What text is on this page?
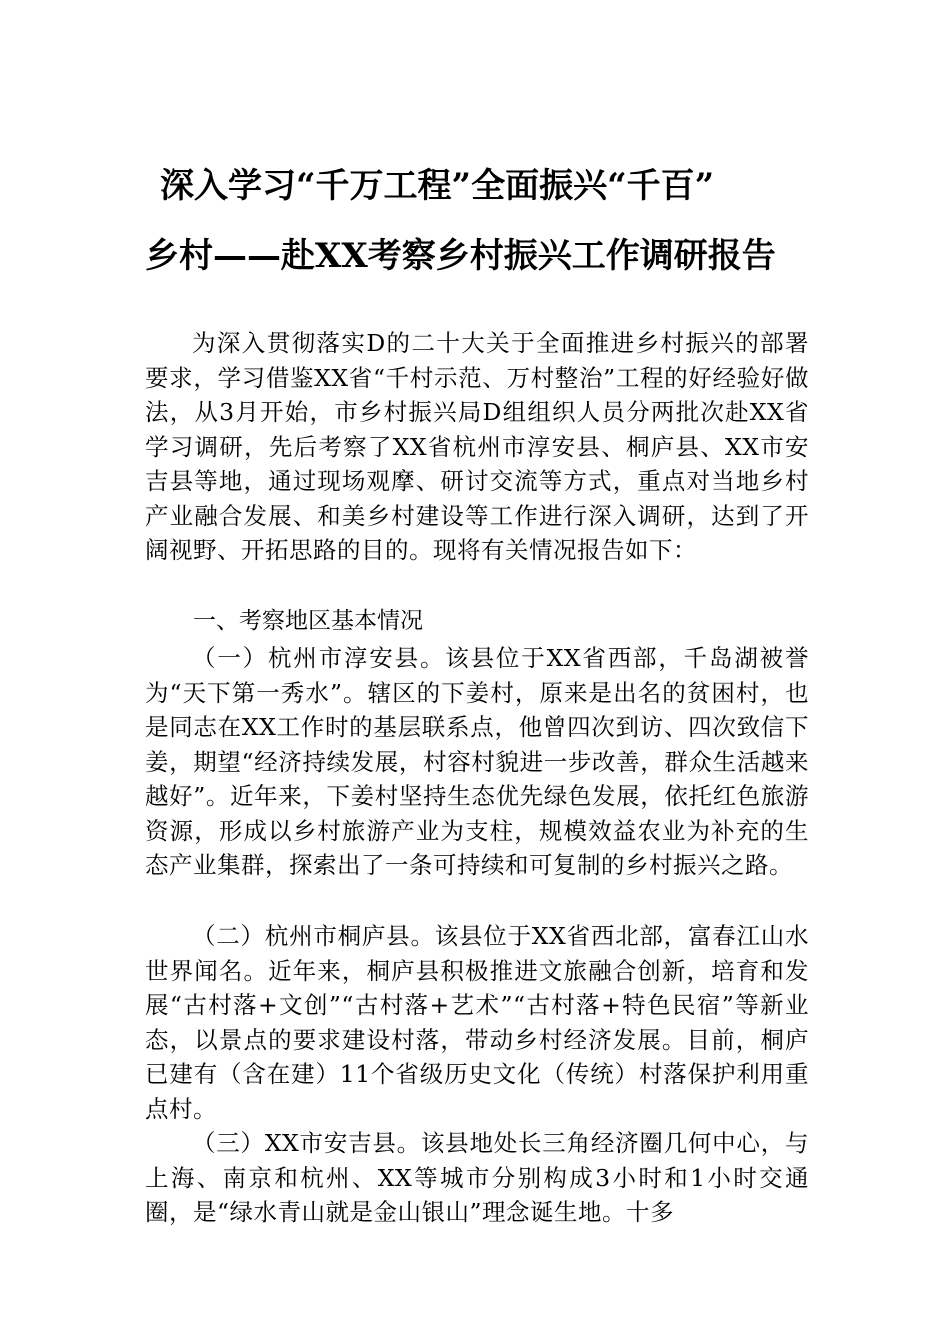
深入学习“千万工程”全面振兴“千百”
乡村——赴XX考察乡村振兴工作调研报告

为深入贯彻落实D的二十大关于全面推进乡村振兴的部署要求，学习借鉴XX省“千村示范、万村整治”工程的好经验好做法，从3月开始，市乡村振兴局D组组织人员分两批次赴XX省学习调研，先后考察了XX省杭州市淳安县、桐庐县、XX市安吉县等地，通过现场观摩、研讨交流等方式，重点对当地乡村产业融合发展、和美乡村建设等工作进行深入调研，达到了开阔视野、开拓思路的目的。现将有关情况报告如下：

一、考察地区基本情况

（一）杭州市淳安县。该县位于XX省西部，千岛湖被誉为“天下第一秀水”。辖区的下姜村，原来是出名的贫困村，也是同志在XX工作时的基层联系点，他曾四次到访、四次致信下姜，期望“经济持续发展，村容村貌进一步改善，群众生活越来越好”。近年来，下姜村坚持生态优先绿色发展，依托红色旅游资源，形成以乡村旅游产业为支柱，规模效益农业为补充的生态产业集群，探索出了一条可持续和可复制的乡村振兴之路。

（二）杭州市桐庐县。该县位于XX省西北部，富春江山水世界闻名。近年来，桐庐县积极推进文旅融合创新，培育和发展“古村落+文创”“古村落+艺术”“古村落+特色民宿”等新业态，以景点的要求建设村落，带动乡村经济发展。目前，桐庐已建有（含在建）11个省级历史文化（传统）村落保护利用重点村。

（三）XX市安吉县。该县地处长三角经济圈几何中心，与上海、南京和杭州、XX等城市分别构成3小时和1小时交通圈，是“绿水青山就是金山银山”理念诞生地。十多
